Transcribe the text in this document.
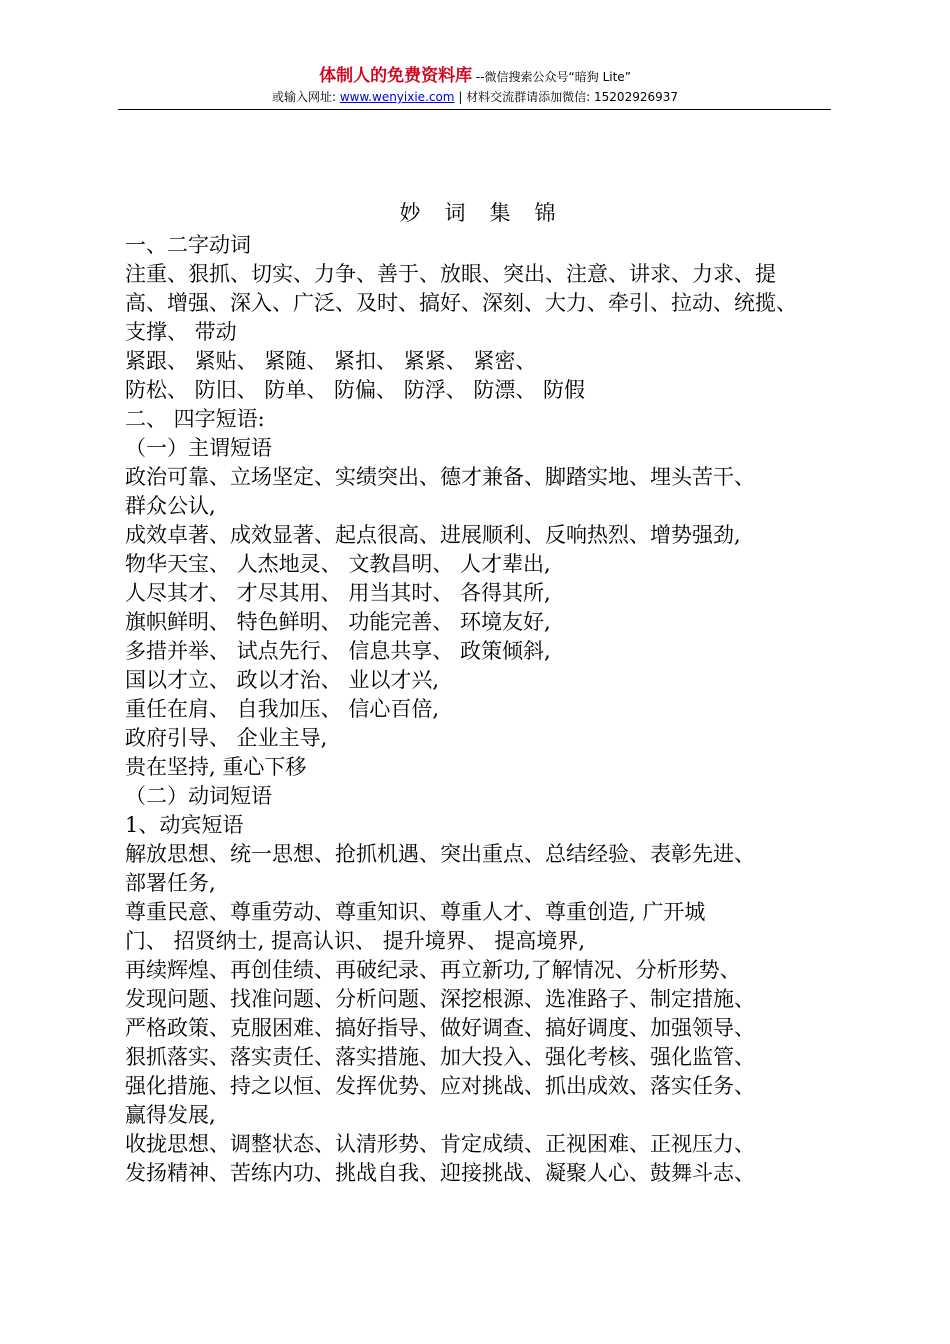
体制人的免费资料库 --微信搜索公众号“暗狗 Lite”
或输入网址: www.wenyixie.com | 材料交流群请添加微信: 15202926937
妙词集锦
一、二字动词
注重、狠抓、切实、力争、善于、放眼、突出、注意、讲求、力求、提
高、增强、深入、广泛、及时、搞好、深刻、大力、牵引、拉动、统揽、
支撑、 带动
紧跟、 紧贴、 紧随、 紧扣、 紧紧、 紧密、
防松、 防旧、 防单、 防偏、 防浮、 防漂、 防假
二、 四字短语:
（一）主谓短语
政治可靠、立场坚定、实绩突出、德才兼备、脚踏实地、埋头苦干、
群众公认,
成效卓著、成效显著、起点很高、进展顺利、反响热烈、增势强劲,
物华天宝、 人杰地灵、 文教昌明、 人才辈出,
人尽其才、 才尽其用、 用当其时、 各得其所,
旗帜鲜明、 特色鲜明、 功能完善、 环境友好,
多措并举、 试点先行、 信息共享、 政策倾斜,
国以才立、 政以才治、 业以才兴,
重任在肩、 自我加压、 信心百倍,
政府引导、 企业主导,
贵在坚持, 重心下移
（二）动词短语
1、动宾短语
解放思想、统一思想、抢抓机遇、突出重点、总结经验、表彰先进、
部署任务,
尊重民意、尊重劳动、尊重知识、尊重人才、尊重创造, 广开城
门、 招贤纳士, 提高认识、 提升境界、 提高境界,
再续辉煌、再创佳绩、再破纪录、再立新功,了解情况、分析形势、
发现问题、找准问题、分析问题、深挖根源、选准路子、制定措施、
严格政策、克服困难、搞好指导、做好调查、搞好调度、加强领导、
狠抓落实、落实责任、落实措施、加大投入、强化考核、强化监管、
强化措施、持之以恒、发挥优势、应对挑战、抓出成效、落实任务、
赢得发展,
收拢思想、调整状态、认清形势、肯定成绩、正视困难、正视压力、
发扬精神、苦练内功、挑战自我、迎接挑战、凝聚人心、鼓舞斗志、
